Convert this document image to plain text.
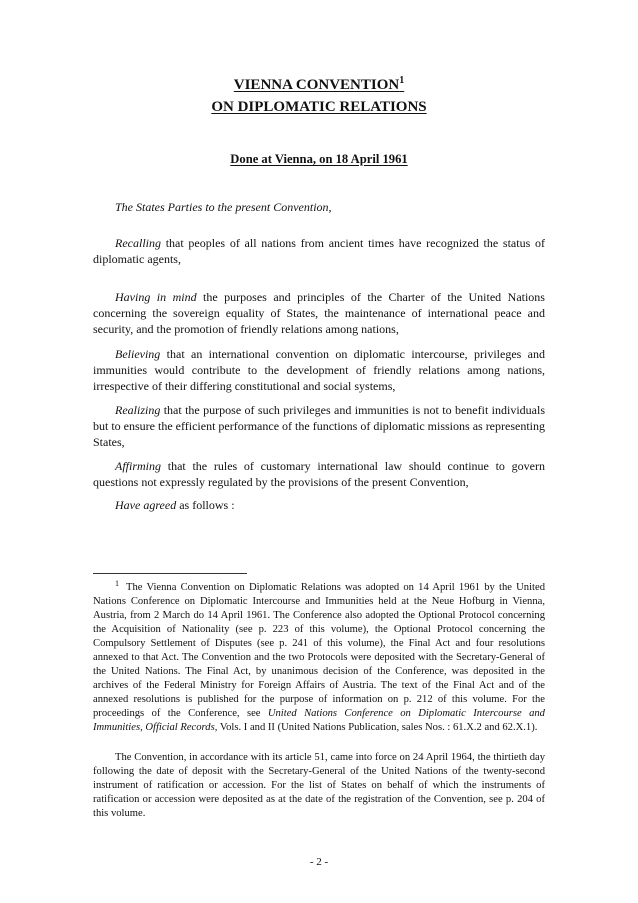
VIENNA CONVENTION$^1$
ON DIPLOMATIC RELATIONS
Done at Vienna, on 18 April 1961

The States Parties to the present Convention,

Recalling that peoples of all nations from ancient times have recognized the status of diplomatic agents,

Having in mind the purposes and principles of the Charter of the United Nations concerning the sovereign equality of States, the maintenance of international peace and security, and the promotion of friendly relations among nations,

Believing that an international convention on diplomatic intercourse, privileges and immunities would contribute to the development of friendly relations among nations, irrespective of their differing constitutional and social systems,

Realizing that the purpose of such privileges and immunities is not to benefit individuals but to ensure the efficient performance of the functions of diplomatic missions as representing States,

Affirming that the rules of customary international law should continue to govern questions not expressly regulated by the provisions of the present Convention,

Have agreed as follows :

$^1$ The Vienna Convention on Diplomatic Relations was adopted on 14 April 1961 by the United Nations Conference on Diplomatic Intercourse and Immunities held at the Neue Hofburg in Vienna, Austria, from 2 March do 14 April 1961. The Conference also adopted the Optional Protocol concerning the Acquisition of Nationality (see p. 223 of this volume), the Optional Protocol concerning the Compulsory Settlement of Disputes (see p. 241 of this volume), the Final Act and four resolutions annexed to that Act. The Convention and the two Protocols were deposited with the Secretary-General of the United Nations. The Final Act, by unanimous decision of the Conference, was deposited in the archives of the Federal Ministry for Foreign Affairs of Austria. The text of the Final Act and of the annexed resolutions is published for the purpose of information on p. 212 of this volume. For the proceedings of the Conference, see United Nations Conference on Diplomatic Intercourse and Immunities, Official Records, Vols. I and II (United Nations Publication, sales Nos. : 61.X.2 and 62.X.1).

The Convention, in accordance with its article 51, came into force on 24 April 1964, the thirtieth day following the date of deposit with the Secretary-General of the United Nations of the twenty-second instrument of ratification or accession. For the list of States on behalf of which the instruments of ratification or accession were deposited as at the date of the registration of the Convention, see p. 204 of this volume.

- 2 -
